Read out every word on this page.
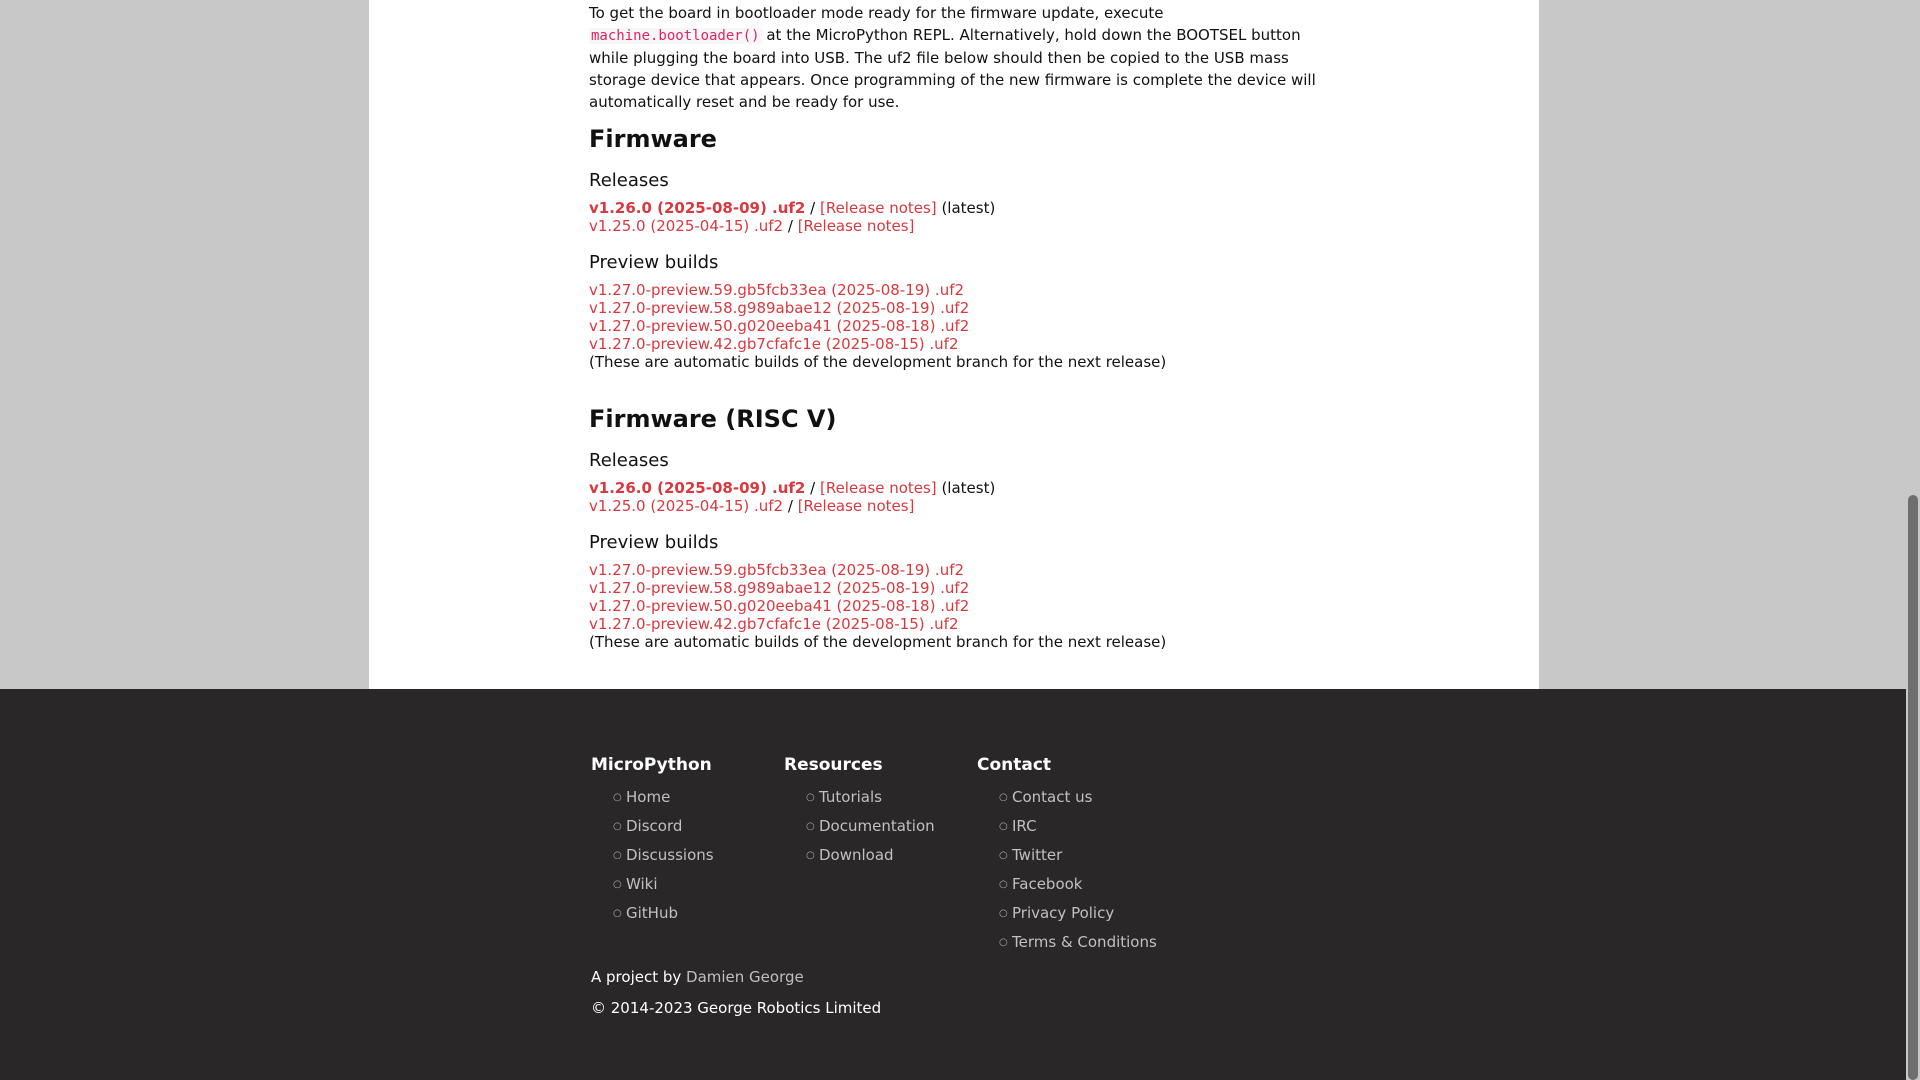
To get the board in bootloader mode ready for the firmware update, execute machine.bootloader() at the MicroPython REPL. Alternatively, hold down the BOOTSEL button while plugging the board into USB. The uf2 file below should then be copied to the USB mass storage device that appears. Once programming of the new firmware is complete the device will automatically reset and be ready for use.

Firmware
Releases
v1.26.0 (2025-08-09) .uf2 / [Release notes] (latest)
v1.25.0 (2025-04-15) .uf2 / [Release notes]
Preview builds
v1.27.0-preview.59.gb5fcb33ea (2025-08-19) .uf2
v1.27.0-preview.58.g989abae12 (2025-08-19) .uf2
v1.27.0-preview.50.g020eeba41 (2025-08-18) .uf2
v1.27.0-preview.42.gb7cfafc1e (2025-08-15) .uf2
(These are automatic builds of the development branch for the next release)
Firmware (RISC V)
Releases
v1.26.0 (2025-08-09) .uf2 / [Release notes] (latest)
v1.25.0 (2025-04-15) .uf2 / [Release notes]
Preview builds
v1.27.0-preview.59.gb5fcb33ea (2025-08-19) .uf2
v1.27.0-preview.58.g989abae12 (2025-08-19) .uf2
v1.27.0-preview.50.g020eeba41 (2025-08-18) .uf2
v1.27.0-preview.42.gb7cfafc1e (2025-08-15) .uf2
(These are automatic builds of the development branch for the next release)
MicroPython
○ Home
○ Discord
○ Discussions
○ Wiki
○ GitHub
Resources
○ Tutorials
○ Documentation
○ Download
Contact
○ Contact us
○ IRC
○ Twitter
○ Facebook
○ Privacy Policy
○ Terms & Conditions
A project by Damien George
© 2014-2023 George Robotics Limited
